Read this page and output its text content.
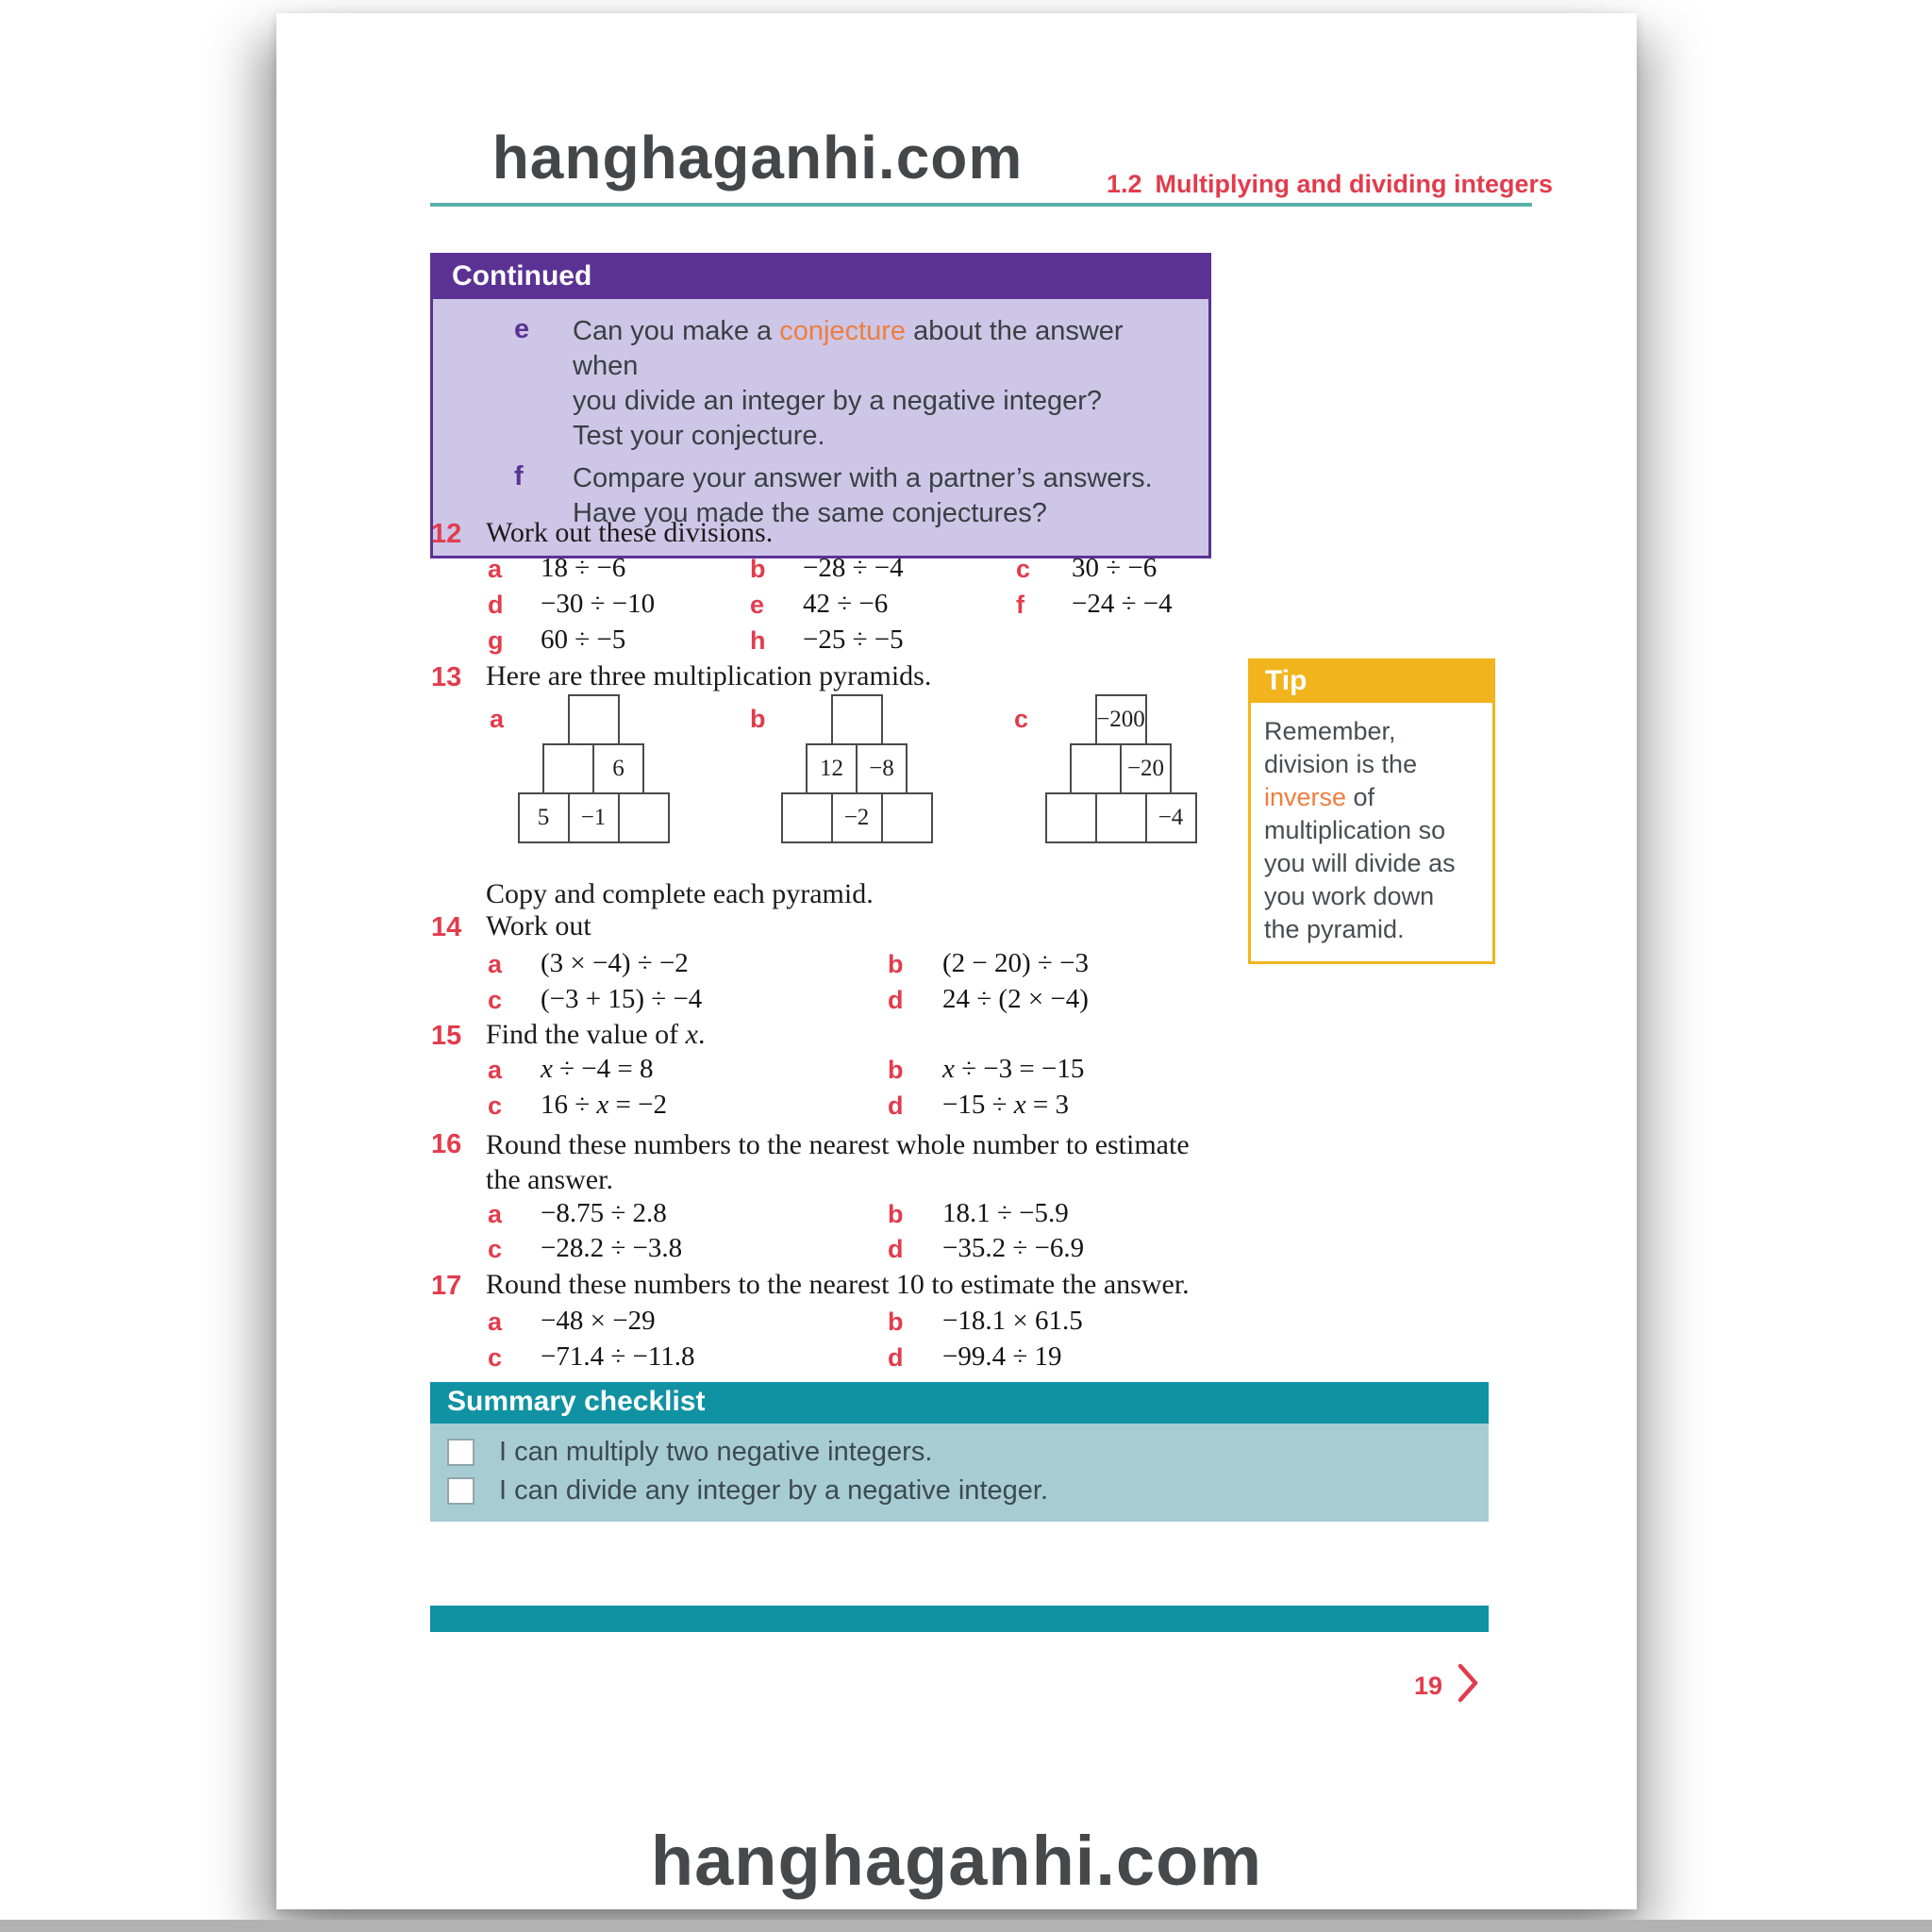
hanghaganhi.com	1.2 Multiplying and dividing integers
Continued
e	Can you make a conjecture about the answer when
you divide an integer by a negative integer?
Test your conjecture.
f	Compare your answer with a partner’s answers.
Have you made the same conjectures?
12 Work out these divisions.
a 18 ÷ −6	b −28 ÷ −4	c 30 ÷ −6
d −30 ÷ −10	e 42 ÷ −6	f −24 ÷ −4
g 60 ÷ −5	h −25 ÷ −5
13 Here are three multiplication pyramids.
a
6
5	−1
b
12	−8
−2
c	−200
−20
−4
Copy and complete each pyramid.
Tip
Remember,
division is the
inverse of
multiplication so
you will divide as
you work down
the pyramid.
14 Work out
a (3 × −4) ÷ −2	b (2 − 20) ÷ −3
c (−3 + 15) ÷ −4	d 24 ÷ (2 × −4)
15 Find the value of x.
a x ÷ −4 = 8	b x ÷ −3 = −15
c 16 ÷ x = −2	d −15 ÷ x = 3
16 Round these numbers to the nearest whole number to estimate
the answer.
a −8.75 ÷ 2.8	b 18.1 ÷ −5.9
c −28.2 ÷ −3.8	d −35.2 ÷ −6.9
17 Round these numbers to the nearest 10 to estimate the answer.
a −48 × −29	b −18.1 × 61.5
c −71.4 ÷ −11.8	d −99.4 ÷ 19
Summary checklist
I can multiply two negative integers.
I can divide any integer by a negative integer.
19
hanghaganhi.com
